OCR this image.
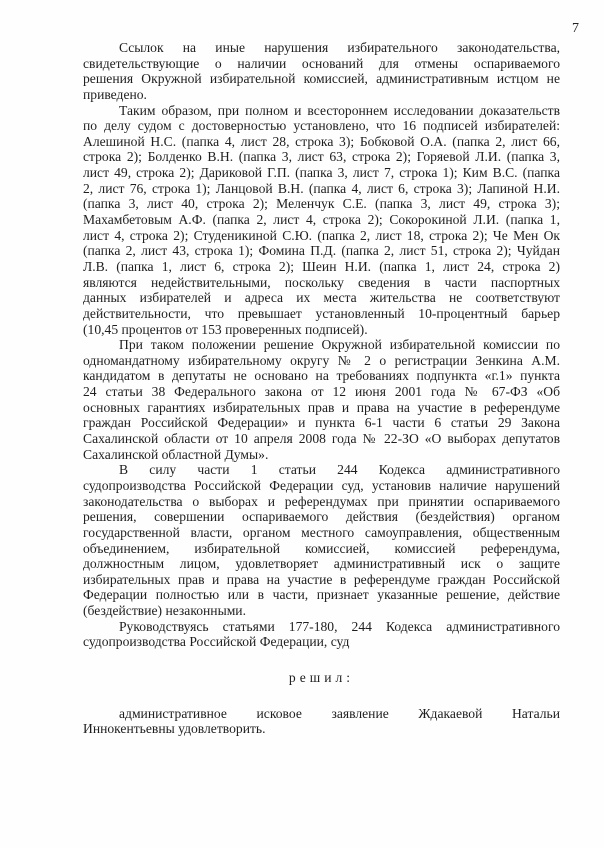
7
Ссылок на иные нарушения избирательного законодательства,
свидетельствующие о наличии оснований для отмены оспариваемого
решения Окружной избирательной комиссией, административным истцом не
приведено.
Таким образом, при полном и всестороннем исследовании доказательств
по делу судом с достоверностью установлено, что 16 подписей избирателей:
Алешиной Н.С. (папка 4, лист 28, строка 3); Бобковой О.А. (папка 2, лист 66,
строка 2); Болденко В.Н. (папка 3, лист 63, строка 2); Горяевой Л.И. (папка 3,
лист 49, строка 2); Дариковой Г.П. (папка 3, лист 7, строка 1); Ким В.С. (папка
2, лист 76, строка 1); Ланцовой В.Н. (папка 4, лист 6, строка 3); Лапиной Н.И.
(папка 3, лист 40, строка 2); Меленчук С.Е. (папка 3, лист 49, строка 3);
Махамбетовым А.Ф. (папка 2, лист 4, строка 2); Сокорокиной Л.И. (папка 1,
лист 4, строка 2); Студеникиной С.Ю. (папка 2, лист 18, строка 2); Че Мен Ок
(папка 2, лист 43, строка 1); Фомина П.Д. (папка 2, лист 51, строка 2); Чуйдан
Л.В. (папка 1, лист 6, строка 2); Шеин Н.И. (папка 1, лист 24, строка 2)
являются недействительными, поскольку сведения в части паспортных
данных избирателей и адреса их места жительства не соответствуют
действительности, что превышает установленный 10-процентный барьер
(10,45 процентов от 153 проверенных подписей).
При таком положении решение Окружной избирательной комиссии по
одномандатному избирательному округу № 2 о регистрации Зенкина А.М.
кандидатом в депутаты не основано на требованиях подпункта «г.1» пункта
24 статьи 38 Федерального закона от 12 июня 2001 года № 67-ФЗ «Об
основных гарантиях избирательных прав и права на участие в референдуме
граждан Российской Федерации» и пункта 6-1 части 6 статьи 29 Закона
Сахалинской области от 10 апреля 2008 года № 22-ЗО «О выборах депутатов
Сахалинской областной Думы».
В силу части 1 статьи 244 Кодекса административного
судопроизводства Российской Федерации суд, установив наличие нарушений
законодательства о выборах и референдумах при принятии оспариваемого
решения, совершении оспариваемого действия (бездействия) органом
государственной власти, органом местного самоуправления, общественным
объединением, избирательной комиссией, комиссией референдума,
должностным лицом, удовлетворяет административный иск о защите
избирательных прав и права на участие в референдуме граждан Российской
Федерации полностью или в части, признает указанные решение, действие
(бездействие) незаконными.
Руководствуясь статьями 177-180, 244 Кодекса административного
судопроизводства Российской Федерации, суд
решил:
административное исковое заявление Ждакаевой Натальи
Иннокентьевны удовлетворить.
